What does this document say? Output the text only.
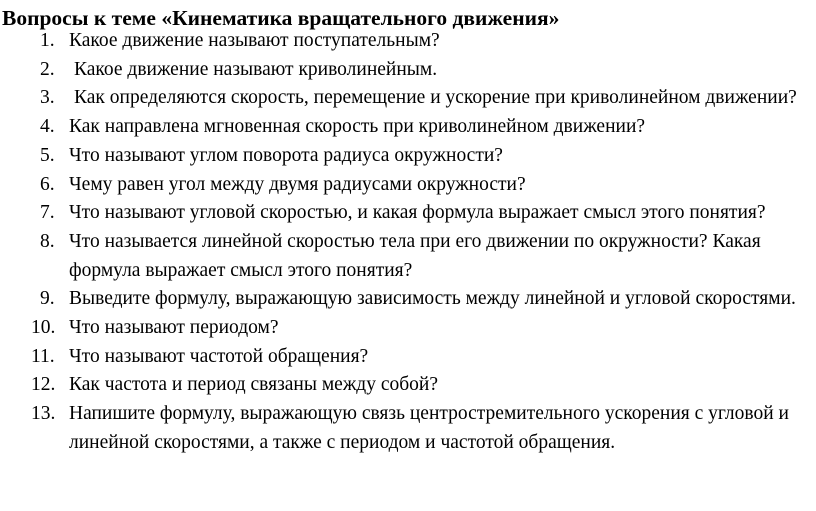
Вопросы к теме «Кинематика вращательного движения»
1. Какое движение называют поступательным?
2. Какое движение называют криволинейным.
3. Как определяются скорость, перемещение и ускорение при криволинейном движении?
4. Как направлена мгновенная скорость при криволинейном движении?
5. Что называют углом поворота радиуса окружности?
6. Чему равен угол между двумя радиусами окружности?
7. Что называют угловой скоростью, и какая формула выражает смысл этого понятия?
8. Что называется линейной скоростью тела при его движении по окружности? Какая формула выражает смысл этого понятия?
9. Выведите формулу, выражающую зависимость между линейной и угловой скоростями.
10. Что называют периодом?
11. Что называют частотой обращения?
12. Как частота и период связаны между собой?
13. Напишите формулу, выражающую связь центростремительного ускорения с угловой и линейной скоростями, а также с периодом и частотой обращения.
